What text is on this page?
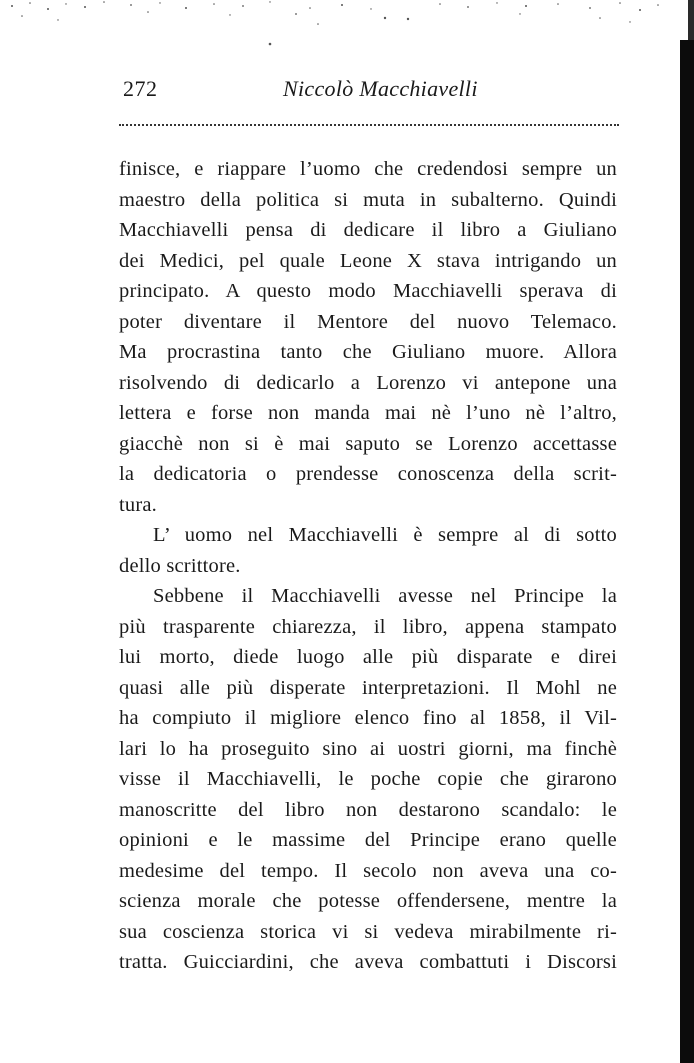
272	Niccolò Macchiavelli
finisce, e riappare l’uomo che credendosi sempre un
maestro della politica si muta in subalterno. Quindi
Macchiavelli pensa di dedicare il libro a Giuliano
dei Medici, pel quale Leone X stava intrigando un
principato. A questo modo Macchiavelli sperava di
poter diventare il Mentore del nuovo Telemaco.
Ma procrastina tanto che Giuliano muore. Allora
risolvendo di dedicarlo a Lorenzo vi antepone una
lettera e forse non manda mai nè l’uno nè l’altro,
giacchè non si è mai saputo se Lorenzo accettasse
la dedicatoria o prendesse conoscenza della scrit-
tura.
L’ uomo nel Macchiavelli è sempre al di sotto
dello scrittore.
Sebbene il Macchiavelli avesse nel Principe la
più trasparente chiarezza, il libro, appena stampato
lui morto, diede luogo alle più disparate e direi
quasi alle più disperate interpretazioni. Il Mohl ne
ha compiuto il migliore elenco fino al 1858, il Vil-
lari lo ha proseguito sino ai uostri giorni, ma finchè
visse il Macchiavelli, le poche copie che girarono
manoscritte del libro non destarono scandalo: le
opinioni e le massime del Principe erano quelle
medesime del tempo. Il secolo non aveva una co-
scienza morale che potesse offendersene, mentre la
sua coscienza storica vi si vedeva mirabilmente ri-
tratta. Guicciardini, che aveva combattuti i Discorsi
